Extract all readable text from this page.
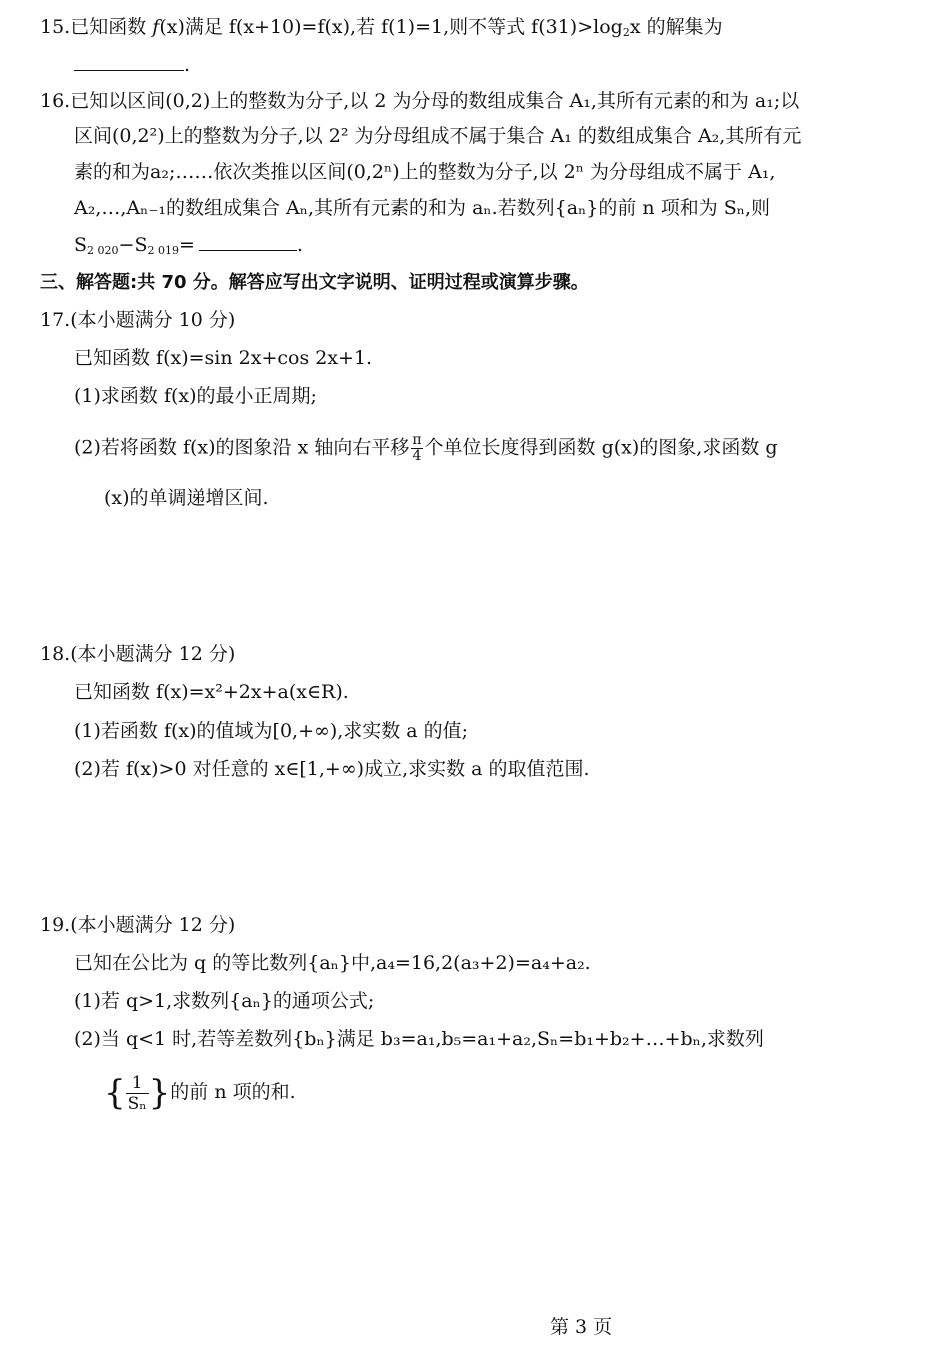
15.已知函数 f(x)满足 f(x+10)=f(x),若 f(1)=1,则不等式 $f(31)>\log_2x$ 的解集为
.
16.已知以区间(0,2)上的整数为分子,以 2 为分母的数组成集合 A₁,其所有元素的和为 a₁;以
区间(0,2²)上的整数为分子,以 2² 为分母组成不属于集合 A₁ 的数组成集合 A₂,其所有元
素的和为a₂;……依次类推以区间(0,2ⁿ)上的整数为分子,以 2ⁿ 为分母组成不属于 A₁,
A₂,…,Aₙ₋₁的数组成集合 Aₙ,其所有元素的和为 aₙ.若数列{aₙ}的前 n 项和为 Sₙ,则
$S_{2 020}-S_{2 019}=$	.
三、解答题:共 70 分。解答应写出文字说明、证明过程或演算步骤。
17.(本小题满分 10 分)
已知函数 f(x)=sin 2x+cos 2x+1.
(1)求函数 f(x)的最小正周期;
(2)若将函数 f(x)的图象沿 x 轴向右平移 $\frac{\pi}{4}$ 个单位长度得到函数 g(x)的图象,求函数 g
(x)的单调递增区间.
18.(本小题满分 12 分)
已知函数 f(x)=x²+2x+a(x∈R).
(1)若函数 f(x)的值域为[0,+∞),求实数 a 的值;
(2)若 f(x)>0 对任意的 x∈[1,+∞)成立,求实数 a 的取值范围.
19.(本小题满分 12 分)
已知在公比为 q 的等比数列{aₙ}中,a₄=16,2(a₃+2)=a₄+a₂.
(1)若 q>1,求数列{aₙ}的通项公式;
(2)当 q<1 时,若等差数列{bₙ}满足 b₃=a₁,b₅=a₁+a₂,Sₙ=b₁+b₂+…+bₙ,求数列
{ $\frac{1}{\text{Sₙ}}$ }的前 n 项的和.
第 3 页
